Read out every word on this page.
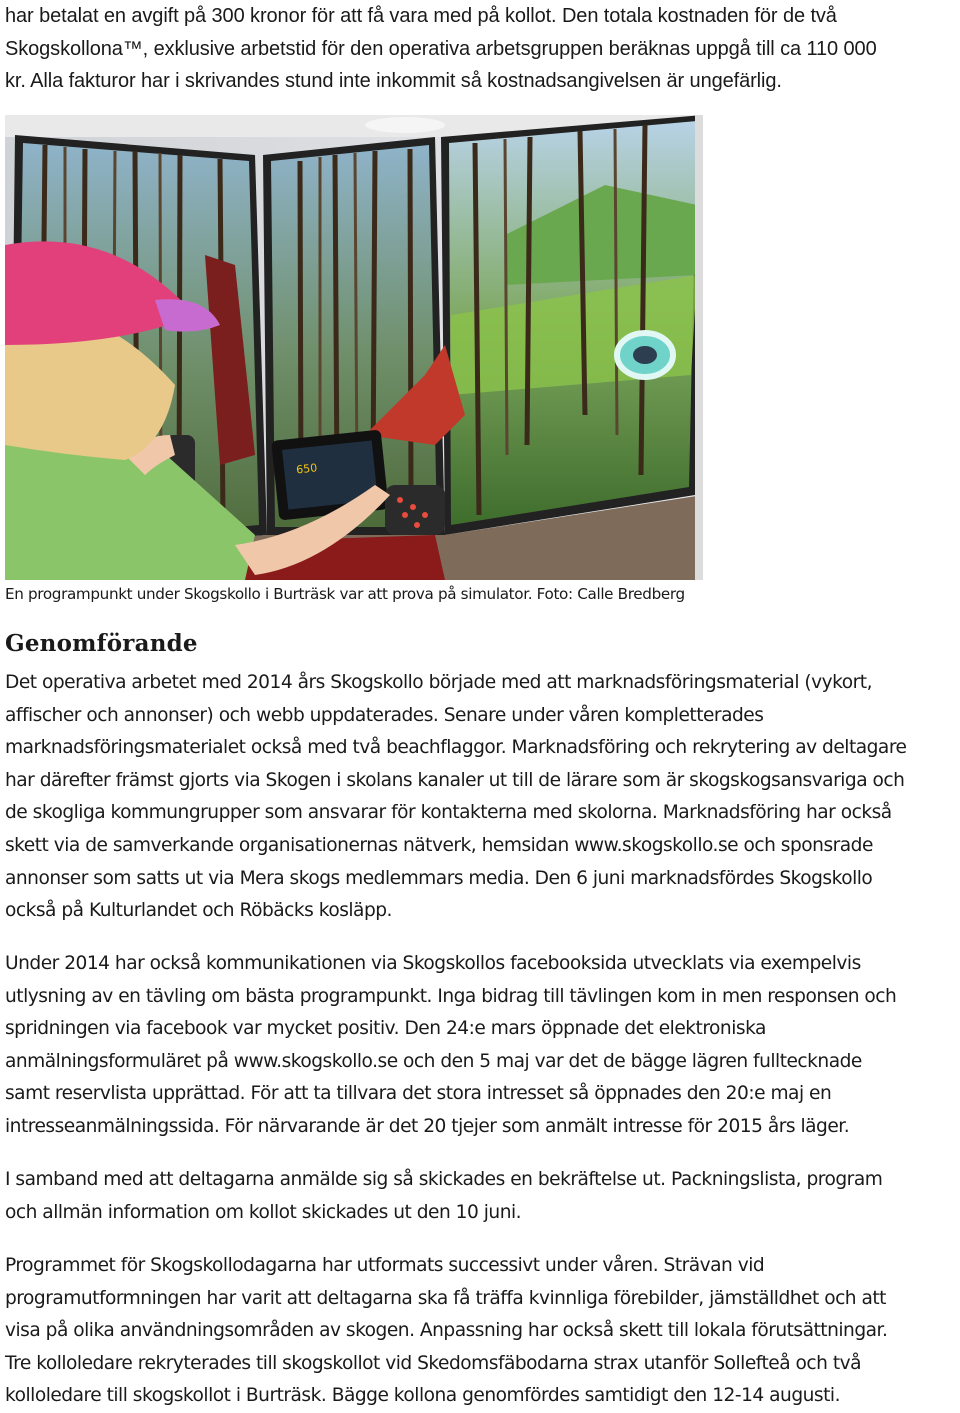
har betalat en avgift på 300 kronor för att få vara med på kollot. Den totala kostnaden för de två
Skogskollona™, exklusive arbetstid för den operativa arbetsgruppen beräknas uppgå till ca 110 000
kr. Alla fakturor har i skrivandes stund inte inkommit så kostnadsangivelsen är ungefärlig.
650
En programpunkt under Skogskollo i Burträsk var att prova på simulator. Foto: Calle Bredberg
Genomförande

Det operativa arbetet med 2014 års Skogskollo började med att marknadsföringsmaterial (vykort,
affischer och annonser) och webb uppdaterades. Senare under våren kompletterades
marknadsföringsmaterialet också med två beachflaggor. Marknadsföring och rekrytering av deltagare
har därefter främst gjorts via Skogen i skolans kanaler ut till de lärare som är skogskogsansvariga och
de skogliga kommungrupper som ansvarar för kontakterna med skolorna. Marknadsföring har också
skett via de samverkande organisationernas nätverk, hemsidan www.skogskollo.se och sponsrade
annonser som satts ut via Mera skogs medlemmars media. Den 6 juni marknadsfördes Skogskollo
också på Kulturlandet och Röbäcks kosläpp.

Under 2014 har också kommunikationen via Skogskollos facebooksida utvecklats via exempelvis
utlysning av en tävling om bästa programpunkt. Inga bidrag till tävlingen kom in men responsen och
spridningen via facebook var mycket positiv. Den 24:e mars öppnade det elektroniska
anmälningsformuläret på www.skogskollo.se och den 5 maj var det de bägge lägren fulltecknade
samt reservlista upprättad. För att ta tillvara det stora intresset så öppnades den 20:e maj en
intresseanmälningssida. För närvarande är det 20 tjejer som anmält intresse för 2015 års läger.

I samband med att deltagarna anmälde sig så skickades en bekräftelse ut. Packningslista, program
och allmän information om kollot skickades ut den 10 juni.

Programmet för Skogskollodagarna har utformats successivt under våren. Strävan vid
programutformningen har varit att deltagarna ska få träffa kvinnliga förebilder, jämställdhet och att
visa på olika användningsområden av skogen. Anpassning har också skett till lokala förutsättningar.
Tre kolloledare rekryterades till skogskollot vid Skedomsfäbodarna strax utanför Sollefteå och två
kolloledare till skogskollot i Burträsk. Bägge kollona genomfördes samtidigt den 12-14 augusti.
